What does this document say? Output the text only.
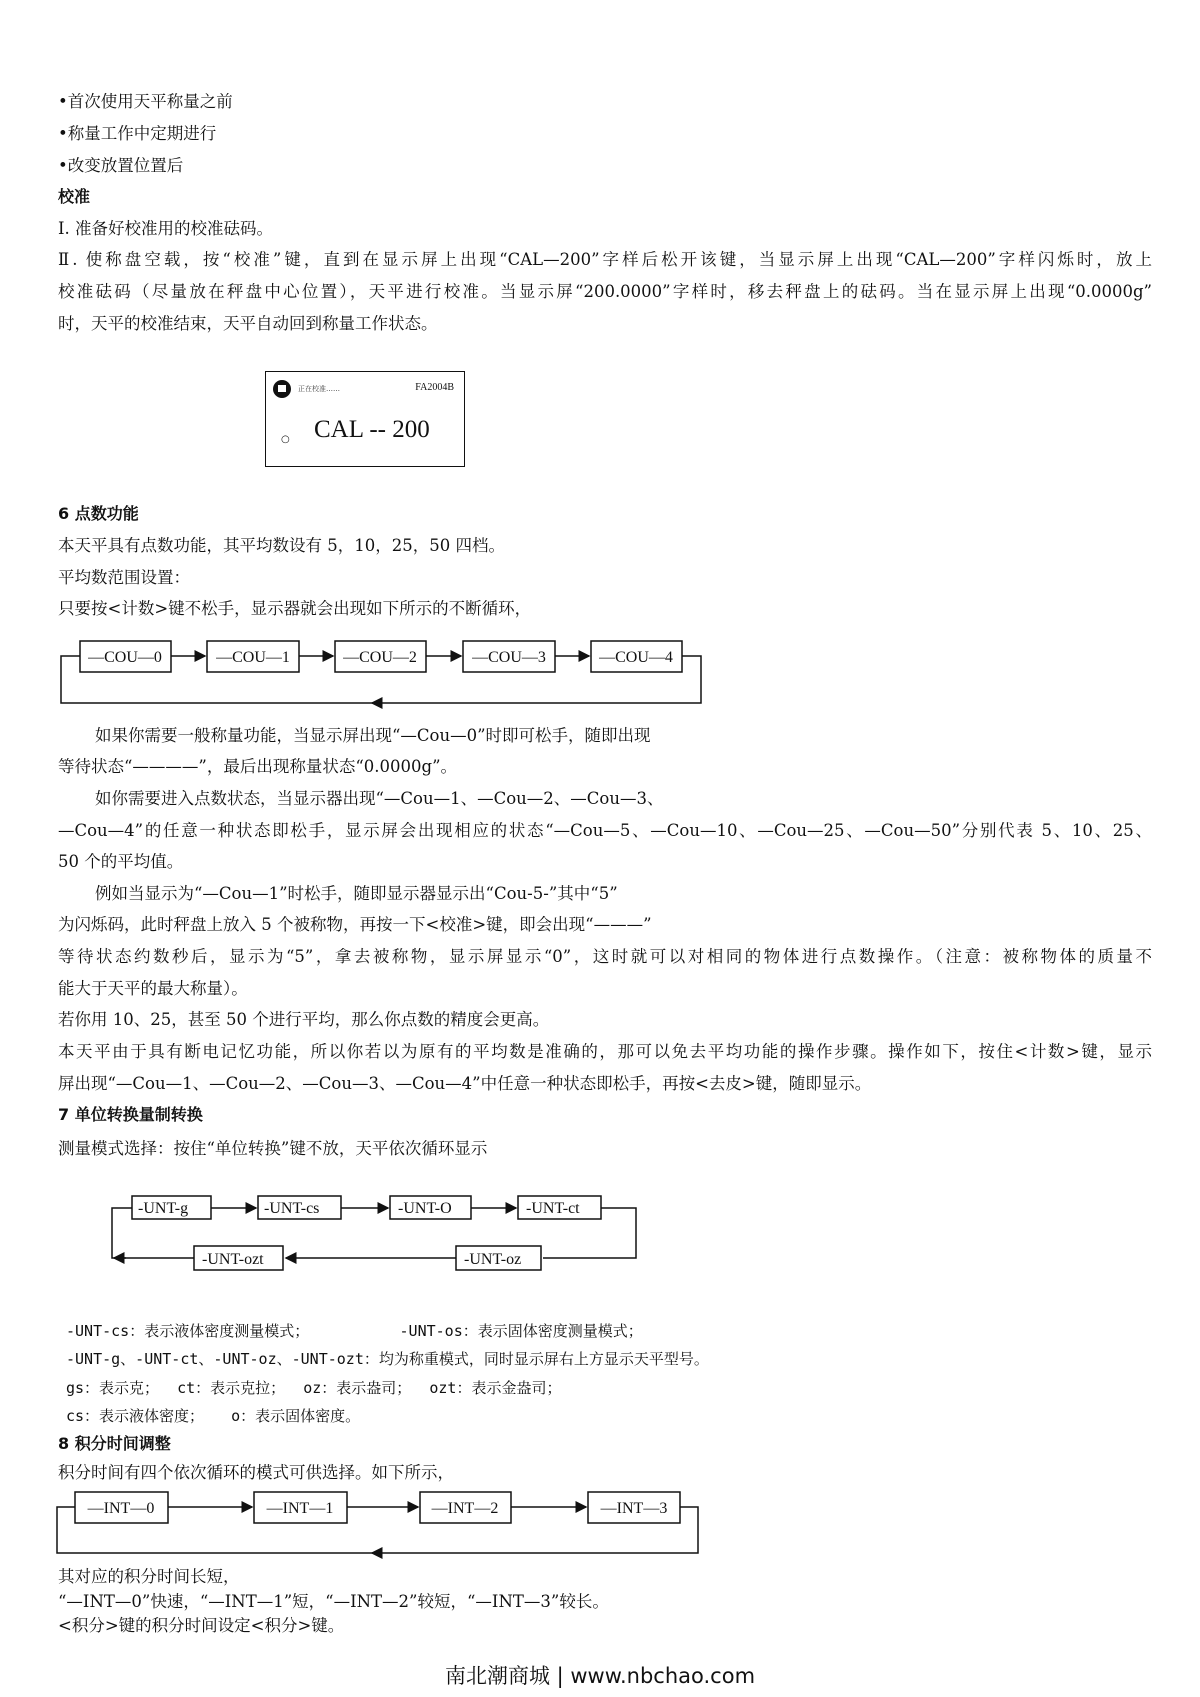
•首次使用天平称量之前
•称量工作中定期进行
•改变放置位置后
校准
Ⅰ. 准备好校准用的校准砝码。
Ⅱ. 使称盘空载，按“校准”键，直到在显示屏上出现“CAL—200”字样后松开该键，当显示屏上出现“CAL—200”字样闪烁时，放上
校准砝码（尽量放在秤盘中心位置），天平进行校准。当显示屏“200.0000”字样时，移去秤盘上的砝码。当在显示屏上出现“0.0000g”
时，天平的校准结束，天平自动回到称量工作状态。
正在校准……	FA2004B
○ CAL -- 200
6 点数功能
本天平具有点数功能，其平均数设有 5，10，25，50 四档。
平均数范围设置：
只要按<计数>键不松手，显示器就会出现如下所示的不断循环，
—COU—0	—COU—1	—COU—2	—COU—3	—COU—4
-UNT-g	-UNT-cs	-UNT-O	-UNT-ct
-UNT-ozt	-UNT-oz
—INT—0	—INT—1	—INT—2	—INT—3
如果你需要一般称量功能，当显示屏出现“—Cou—0”时即可松手，随即出现
等待状态“————”，最后出现称量状态“0.0000g”。
如你需要进入点数状态，当显示器出现“—Cou—1、—Cou—2、—Cou—3、
—Cou—4”的任意一种状态即松手，显示屏会出现相应的状态“—Cou—5、—Cou—10、—Cou—25、—Cou—50”分别代表 5、10、25、
50 个的平均值。
例如当显示为“—Cou—1”时松手，随即显示器显示出“Cou-5-”其中“5”
为闪烁码，此时秤盘上放入 5 个被称物，再按一下<校准>键，即会出现“———”
等待状态约数秒后，显示为“5”，拿去被称物，显示屏显示“0”，这时就可以对相同的物体进行点数操作。（注意：被称物体的质量不
能大于天平的最大称量）。
若你用 10、25，甚至 50 个进行平均，那么你点数的精度会更高。
本天平由于具有断电记忆功能，所以你若以为原有的平均数是准确的，那可以免去平均功能的操作步骤。操作如下，按住<计数>键，显示
屏出现“—Cou—1、—Cou—2、—Cou—3、—Cou—4”中任意一种状态即松手，再按<去皮>键，随即显示。
7 单位转换量制转换
测量模式选择：按住“单位转换”键不放，天平依次循环显示
-UNT-cs：表示液体密度测量模式；          -UNT-os：表示固体密度测量模式；
-UNT-g、-UNT-ct、-UNT-oz、-UNT-ozt：均为称重模式，同时显示屏右上方显示天平型号。
gs：表示克；  ct：表示克拉；  oz：表示盎司；  ozt：表示金盎司；
cs：表示液体密度；   o：表示固体密度。
8 积分时间调整
积分时间有四个依次循环的模式可供选择。如下所示，
其对应的积分时间长短，
“—INT—0”快速，“—INT—1”短，“—INT—2”较短，“—INT—3”较长。
<积分>键的积分时间设定<积分>键。
南北潮商城 | www.nbchao.com
